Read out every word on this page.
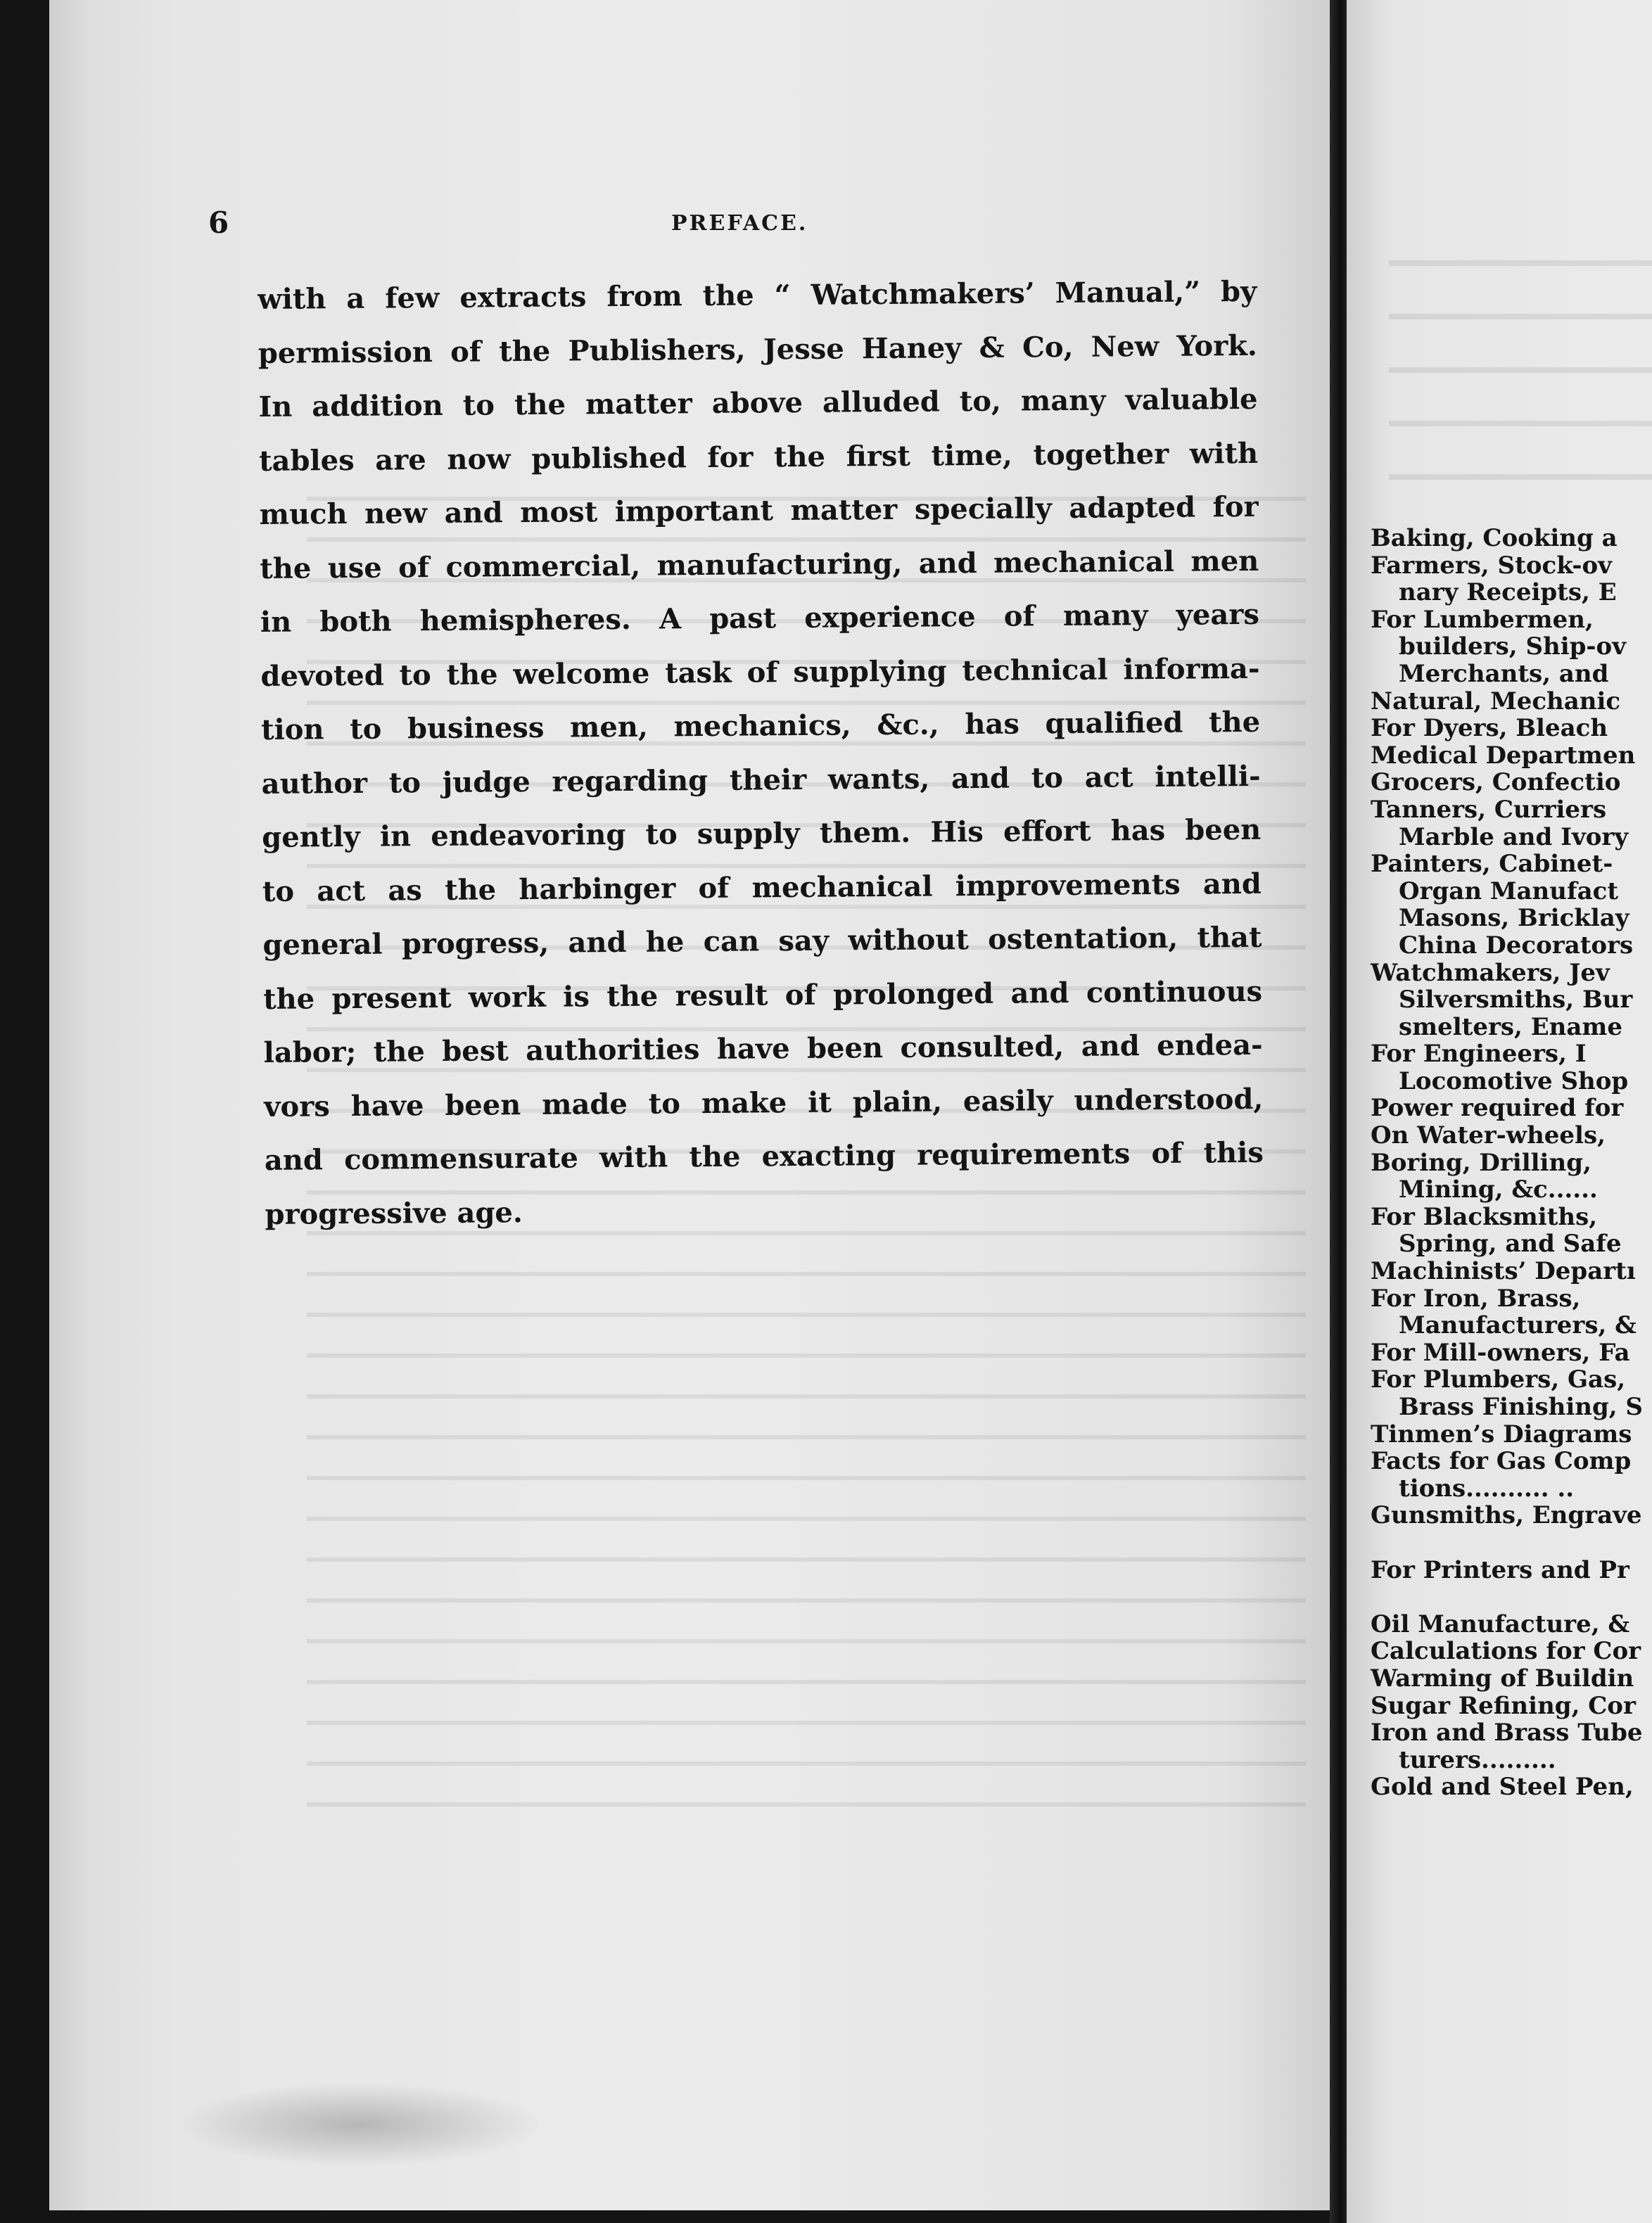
6	PREFACE.
with a few extracts from the “ Watchmakers’ Manual,” by
permission of the Publishers, Jesse Haney & Co, New York.
In addition to the matter above alluded to, many valuable
tables are now published for the first time, together with
much new and most important matter specially adapted for
the use of commercial, manufacturing, and mechanical men
in both hemispheres. A past experience of many years
devoted to the welcome task of supplying technical informa-
tion to business men, mechanics, &c., has qualified the
author to judge regarding their wants, and to act intelli-
gently in endeavoring to supply them. His effort has been
to act as the harbinger of mechanical improvements and
general progress, and he can say without ostentation, that
the present work is the result of prolonged and continuous
labor; the best authorities have been consulted, and endea-
vors have been made to make it plain, easily understood,
and commensurate with the exacting requirements of this
progressive age.
Baking, Cooking a
Farmers, Stock-ov
nary Receipts, E
For Lumbermen,
builders, Ship-ov
Merchants, and
Natural, Mechanic
For Dyers, Bleach
Medical Departmen
Grocers, Confectio
Tanners, Curriers
Marble and Ivory
Painters, Cabinet-
Organ Manufact
Masons, Bricklay
China Decorators
Watchmakers, Jev
Silversmiths, Bur
smelters, Ename
For Engineers, I
Locomotive Shop
Power required for
On Water-wheels,
Boring, Drilling,
Mining, &c......
For Blacksmiths,
Spring, and Safe
Machinists’ Departı
For Iron, Brass,
Manufacturers, &
For Mill-owners, Fa
For Plumbers, Gas,
Brass Finishing, S
Tinmen’s Diagrams
Facts for Gas Comp
tions.......... ..
Gunsmiths, Engrave
For Printers and Pr
Oil Manufacture, &
Calculations for Cor
Warming of Buildin
Sugar Refining, Cor
Iron and Brass Tube
turers.........
Gold and Steel Pen,
